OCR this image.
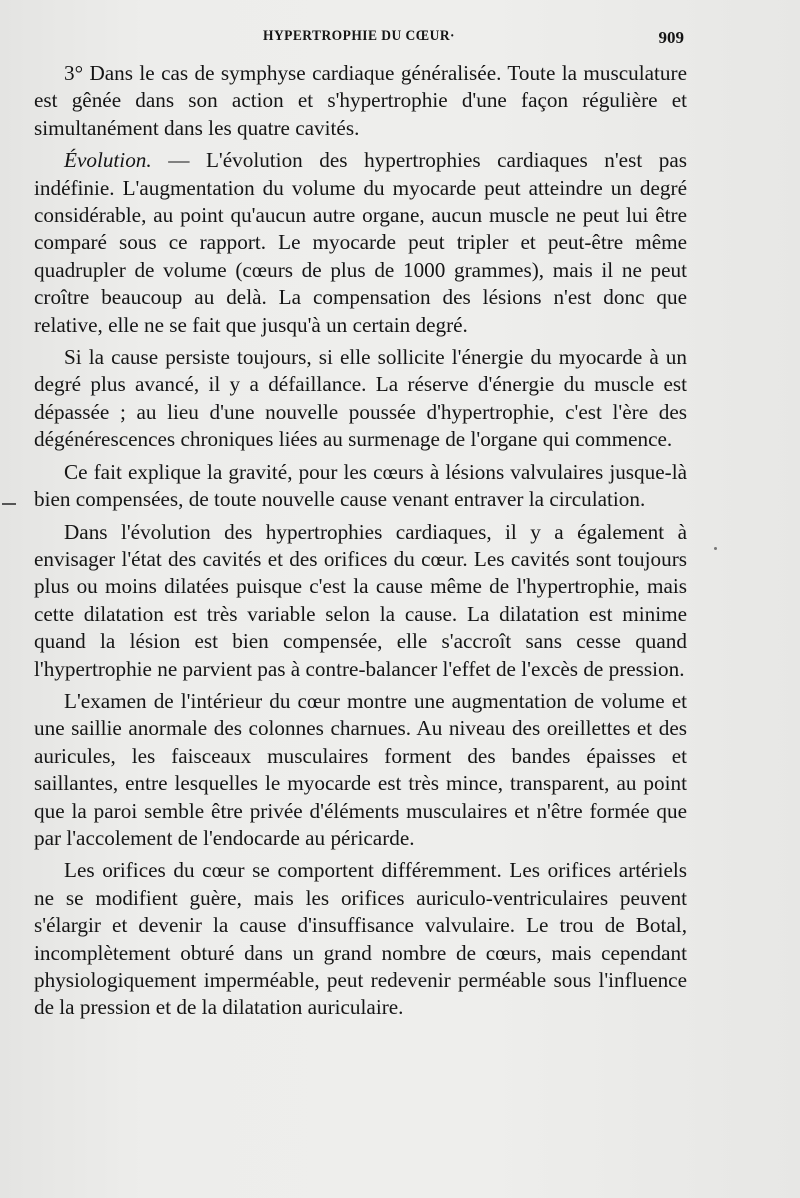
HYPERTROPHIE DU CŒUR·	909

3° Dans le cas de symphyse cardiaque généralisée. Toute la musculature est gênée dans son action et s'hypertrophie d'une façon régulière et simultanément dans les quatre cavités.

Évolution. — L'évolution des hypertrophies cardiaques n'est pas indéfinie. L'augmentation du volume du myocarde peut atteindre un degré considérable, au point qu'aucun autre organe, aucun muscle ne peut lui être comparé sous ce rapport. Le myocarde peut tripler et peut-être même quadrupler de volume (cœurs de plus de 1000 grammes), mais il ne peut croître beaucoup au delà. La compensation des lésions n'est donc que relative, elle ne se fait que jusqu'à un certain degré.

Si la cause persiste toujours, si elle sollicite l'énergie du myocarde à un degré plus avancé, il y a défaillance. La réserve d'énergie du muscle est dépassée ; au lieu d'une nouvelle poussée d'hypertrophie, c'est l'ère des dégénérescences chroniques liées au surmenage de l'organe qui commence.

Ce fait explique la gravité, pour les cœurs à lésions valvulaires jusque-là bien compensées, de toute nouvelle cause venant entraver la circulation.

Dans l'évolution des hypertrophies cardiaques, il y a également à envisager l'état des cavités et des orifices du cœur. Les cavités sont toujours plus ou moins dilatées puisque c'est la cause même de l'hypertrophie, mais cette dilatation est très variable selon la cause. La dilatation est minime quand la lésion est bien compensée, elle s'accroît sans cesse quand l'hypertrophie ne parvient pas à contre-balancer l'effet de l'excès de pression.

L'examen de l'intérieur du cœur montre une augmentation de volume et une saillie anormale des colonnes charnues. Au niveau des oreillettes et des auricules, les faisceaux musculaires forment des bandes épaisses et saillantes, entre lesquelles le myocarde est très mince, transparent, au point que la paroi semble être privée d'éléments musculaires et n'être formée que par l'accolement de l'endocarde au péricarde.

Les orifices du cœur se comportent différemment. Les orifices artériels ne se modifient guère, mais les orifices auriculo-ventriculaires peuvent s'élargir et devenir la cause d'insuffisance valvulaire. Le trou de Botal, incomplètement obturé dans un grand nombre de cœurs, mais cependant physiologiquement imperméable, peut redevenir perméable sous l'influence de la pression et de la dilatation auriculaire.
